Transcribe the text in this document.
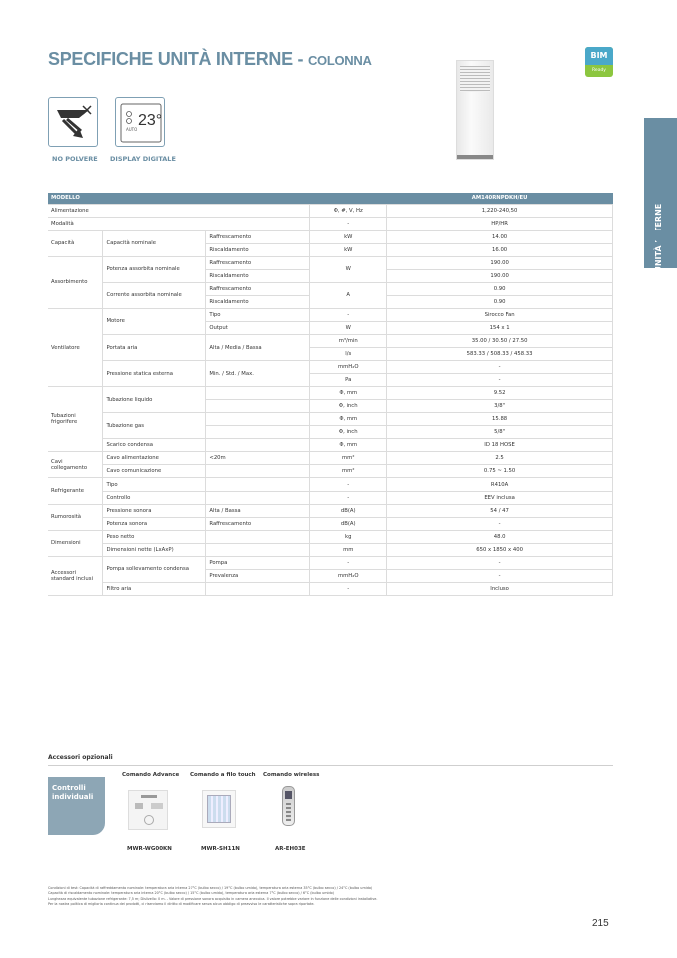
SPECIFICHE UNITÀ INTERNE - COLONNA	BIM
Ready
NO POLVERE
AUTO
23°
DISPLAY DIGITALE
LE UNITÀ INTERNE
MODELLO				AM140RNPDKH/EU
Alimentazione			Φ, #, V, Hz	1,220-240,50
Modalità			-	HP/HR
Capacità	Capacità nominale	Raffrescamento	kW	14.00
		Riscaldamento	kW	16.00
Assorbimento	Potenza assorbita nominale	Raffrescamento	W	190.00
		Riscaldamento		190.00
	Corrente assorbita nominale	Raffrescamento	A	0.90
		Riscaldamento		0.90
Ventilatore	Motore	Tipo	-	Sirocco Fan
		Output	W	154 x 1
	Portata aria	Alta / Media / Bassa	m³/min	35.00 / 30.50 / 27.50
			l/s	583.33 / 508.33 / 458.33
	Pressione statica esterna	Min. / Std. / Max.	mmH₂O	-
			Pa	-
Tubazioni frigorifere	Tubazione liquido		Φ, mm	9.52
			Φ, inch	3/8"
	Tubazione gas		Φ, mm	15.88
			Φ, inch	5/8"
	Scarico condensa		Φ, mm	ID 18 HOSE
Cavi collegamento	Cavo alimentazione	<20m	mm²	2.5
	Cavo comunicazione		mm²	0.75 ~ 1.50
Refrigerante	Tipo		-	R410A
	Controllo		-	EEV inclusa
Rumorosità	Pressione sonora	Alta / Bassa	dB(A)	54 / 47
	Potenza sonora	Raffrescamento	dB(A)	-
Dimensioni	Peso netto		kg	48.0
	Dimensioni nette (LxAxP)		mm	650 x 1850 x 400
Accessori standard inclusi	Pompa sollevamento condensa	Pompa	-	-
		Prevalenza	mmH₂O	-
	Filtro aria		-	Incluso
Accessori opzionali
Controlli individuali
Comando Advance Comando a filo touch Comando wireless
MWR-WG00KN	MWR-SH11N	AR-EH03E
Condizioni di test: Capacità di raffreddamento nominale: temperatura aria interna 27°C (bulbo secco) / 19°C (bulbo umido), temperatura aria esterna 35°C (bulbo secco) / 24°C (bulbo umido)
Capacità di riscaldamento nominale: temperatura aria interna 20°C (bulbo secco) / 15°C (bulbo umido), temperatura aria esterna 7°C (bulbo secco) / 6°C (bulbo umido)
Lunghezza equivalente tubazione refrigerante: 7,5 m; Dislivello: 0 m. - Valore di pressione sonora acquisito in camera anecoica. Il valore potrebbe variare in funzione delle condizioni installative.
Per la nostra politica di miglioria continua dei prodotti, ci riserviamo il diritto di modificare senza alcun obbligo di preavviso le caratteristiche sopra riportate.
215
